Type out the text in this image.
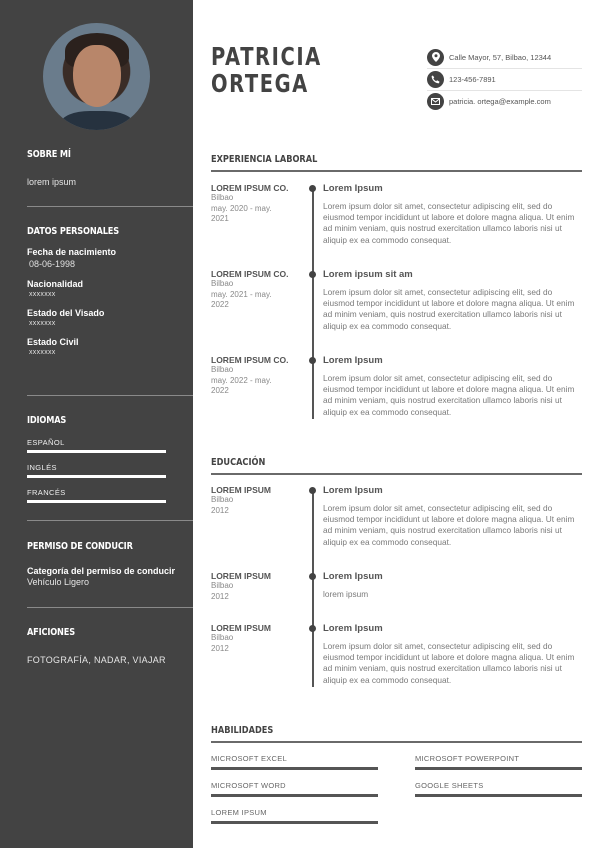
SOBRE MÍ
lorem ipsum
DATOS PERSONALES
Fecha de nacimiento
08-06-1998
Nacionalidad
xxxxxxx
Estado del Visado
xxxxxxx
Estado Civil
xxxxxxx
IDIOMAS
ESPAÑOL
INGLÉS
FRANCÉS
PERMISO DE CONDUCIR
Categoría del permiso de conducir
Vehículo Ligero
AFICIONES
FOTOGRAFÍA, NADAR, VIAJAR
PATRICIA
ORTEGA
Calle Mayor, 57, Bilbao, 12344
123-456-7891
patricia. ortega@example.com
EXPERIENCIA LABORAL
LOREM IPSUM CO.
Bilbao
may. 2020 - may.
2021
Lorem Ipsum
Lorem ipsum dolor sit amet, consectetur adipiscing elit, sed do eiusmod tempor incididunt ut labore et dolore magna aliqua. Ut enim ad minim veniam, quis nostrud exercitation ullamco laboris nisi ut aliquip ex ea commodo consequat.
LOREM IPSUM CO.
Bilbao
may. 2021 - may.
2022
Lorem ipsum sit am
Lorem ipsum dolor sit amet, consectetur adipiscing elit, sed do eiusmod tempor incididunt ut labore et dolore magna aliqua. Ut enim ad minim veniam, quis nostrud exercitation ullamco laboris nisi ut aliquip ex ea commodo consequat.
LOREM IPSUM CO.
Bilbao
may. 2022 - may.
2022
Lorem Ipsum
Lorem ipsum dolor sit amet, consectetur adipiscing elit, sed do eiusmod tempor incididunt ut labore et dolore magna aliqua. Ut enim ad minim veniam, quis nostrud exercitation ullamco laboris nisi ut aliquip ex ea commodo consequat.
EDUCACIÓN
LOREM IPSUM
Bilbao
2012
Lorem Ipsum
Lorem ipsum dolor sit amet, consectetur adipiscing elit, sed do eiusmod tempor incididunt ut labore et dolore magna aliqua. Ut enim ad minim veniam, quis nostrud exercitation ullamco laboris nisi ut aliquip ex ea commodo consequat.
LOREM IPSUM
Bilbao
2012
Lorem Ipsum
lorem ipsum
LOREM IPSUM
Bilbao
2012
Lorem Ipsum
Lorem ipsum dolor sit amet, consectetur adipiscing elit, sed do eiusmod tempor incididunt ut labore et dolore magna aliqua. Ut enim ad minim veniam, quis nostrud exercitation ullamco laboris nisi ut aliquip ex ea commodo consequat.
HABILIDADES
MICROSOFT EXCEL	MICROSOFT POWERPOINT
MICROSOFT WORD	GOOGLE SHEETS
LOREM IPSUM
